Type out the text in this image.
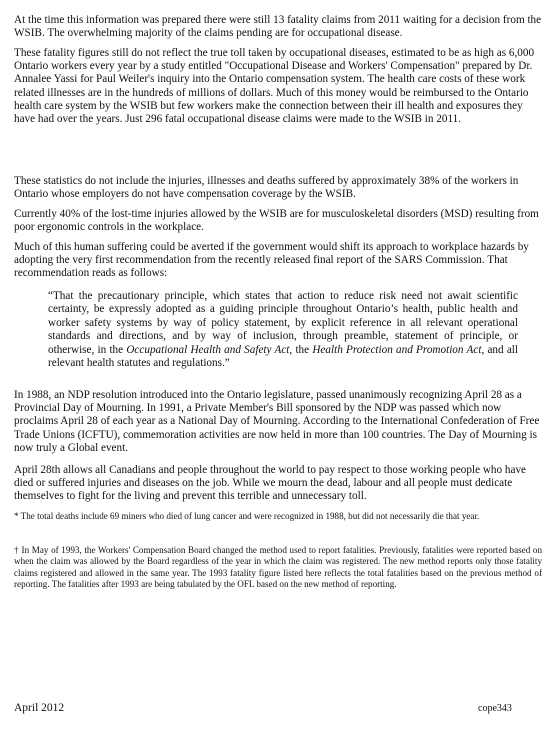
At the time this information was prepared there were still 13 fatality claims from 2011 waiting for a decision from the WSIB. The overwhelming majority of the claims pending are for occupational disease.

These fatality figures still do not reflect the true toll taken by occupational diseases, estimated to be as high as 6,000 Ontario workers every year by a study entitled "Occupational Disease and Workers' Compensation" prepared by Dr. Annalee Yassi for Paul Weiler's inquiry into the Ontario compensation system. The health care costs of these work related illnesses are in the hundreds of millions of dollars. Much of this money would be reimbursed to the Ontario health care system by the WSIB but few workers make the connection between their ill health and exposures they have had over the years. Just 296 fatal occupational disease claims were made to the WSIB in 2011.

These statistics do not include the injuries, illnesses and deaths suffered by approximately 38% of the workers in Ontario whose employers do not have compensation coverage by the WSIB.

Currently 40% of the lost-time injuries allowed by the WSIB are for musculoskeletal disorders (MSD) resulting from poor ergonomic controls in the workplace.

Much of this human suffering could be averted if the government would shift its approach to workplace hazards by adopting the very first recommendation from the recently released final report of the SARS Commission. That recommendation reads as follows:

“That the precautionary principle, which states that action to reduce risk need not await scientific certainty, be expressly adopted as a guiding principle throughout Ontario’s health, public health and worker safety systems by way of policy statement, by explicit reference in all relevant operational standards and directions, and by way of inclusion, through preamble, statement of principle, or otherwise, in the Occupational Health and Safety Act, the Health Protection and Promotion Act, and all relevant health statutes and regulations.”

In 1988, an NDP resolution introduced into the Ontario legislature, passed unanimously recognizing April 28 as a Provincial Day of Mourning. In 1991, a Private Member's Bill sponsored by the NDP was passed which now proclaims April 28 of each year as a National Day of Mourning. According to the International Confederation of Free Trade Unions (ICFTU), commemoration activities are now held in more than 100 countries. The Day of Mourning is now truly a Global event.

April 28th allows all Canadians and people throughout the world to pay respect to those working people who have died or suffered injuries and diseases on the job. While we mourn the dead, labour and all people must dedicate themselves to fight for the living and prevent this terrible and unnecessary toll.

* The total deaths include 69 miners who died of lung cancer and were recognized in 1988, but did not necessarily die that year.

† In May of 1993, the Workers' Compensation Board changed the method used to report fatalities. Previously, fatalities were reported based on when the claim was allowed by the Board regardless of the year in which the claim was registered. The new method reports only those fatality claims registered and allowed in the same year. The 1993 fatality figure listed here reflects the total fatalities based on the previous method of reporting. The fatalities after 1993 are being tabulated by the OFL based on the new method of reporting.

April 2012	cope343
